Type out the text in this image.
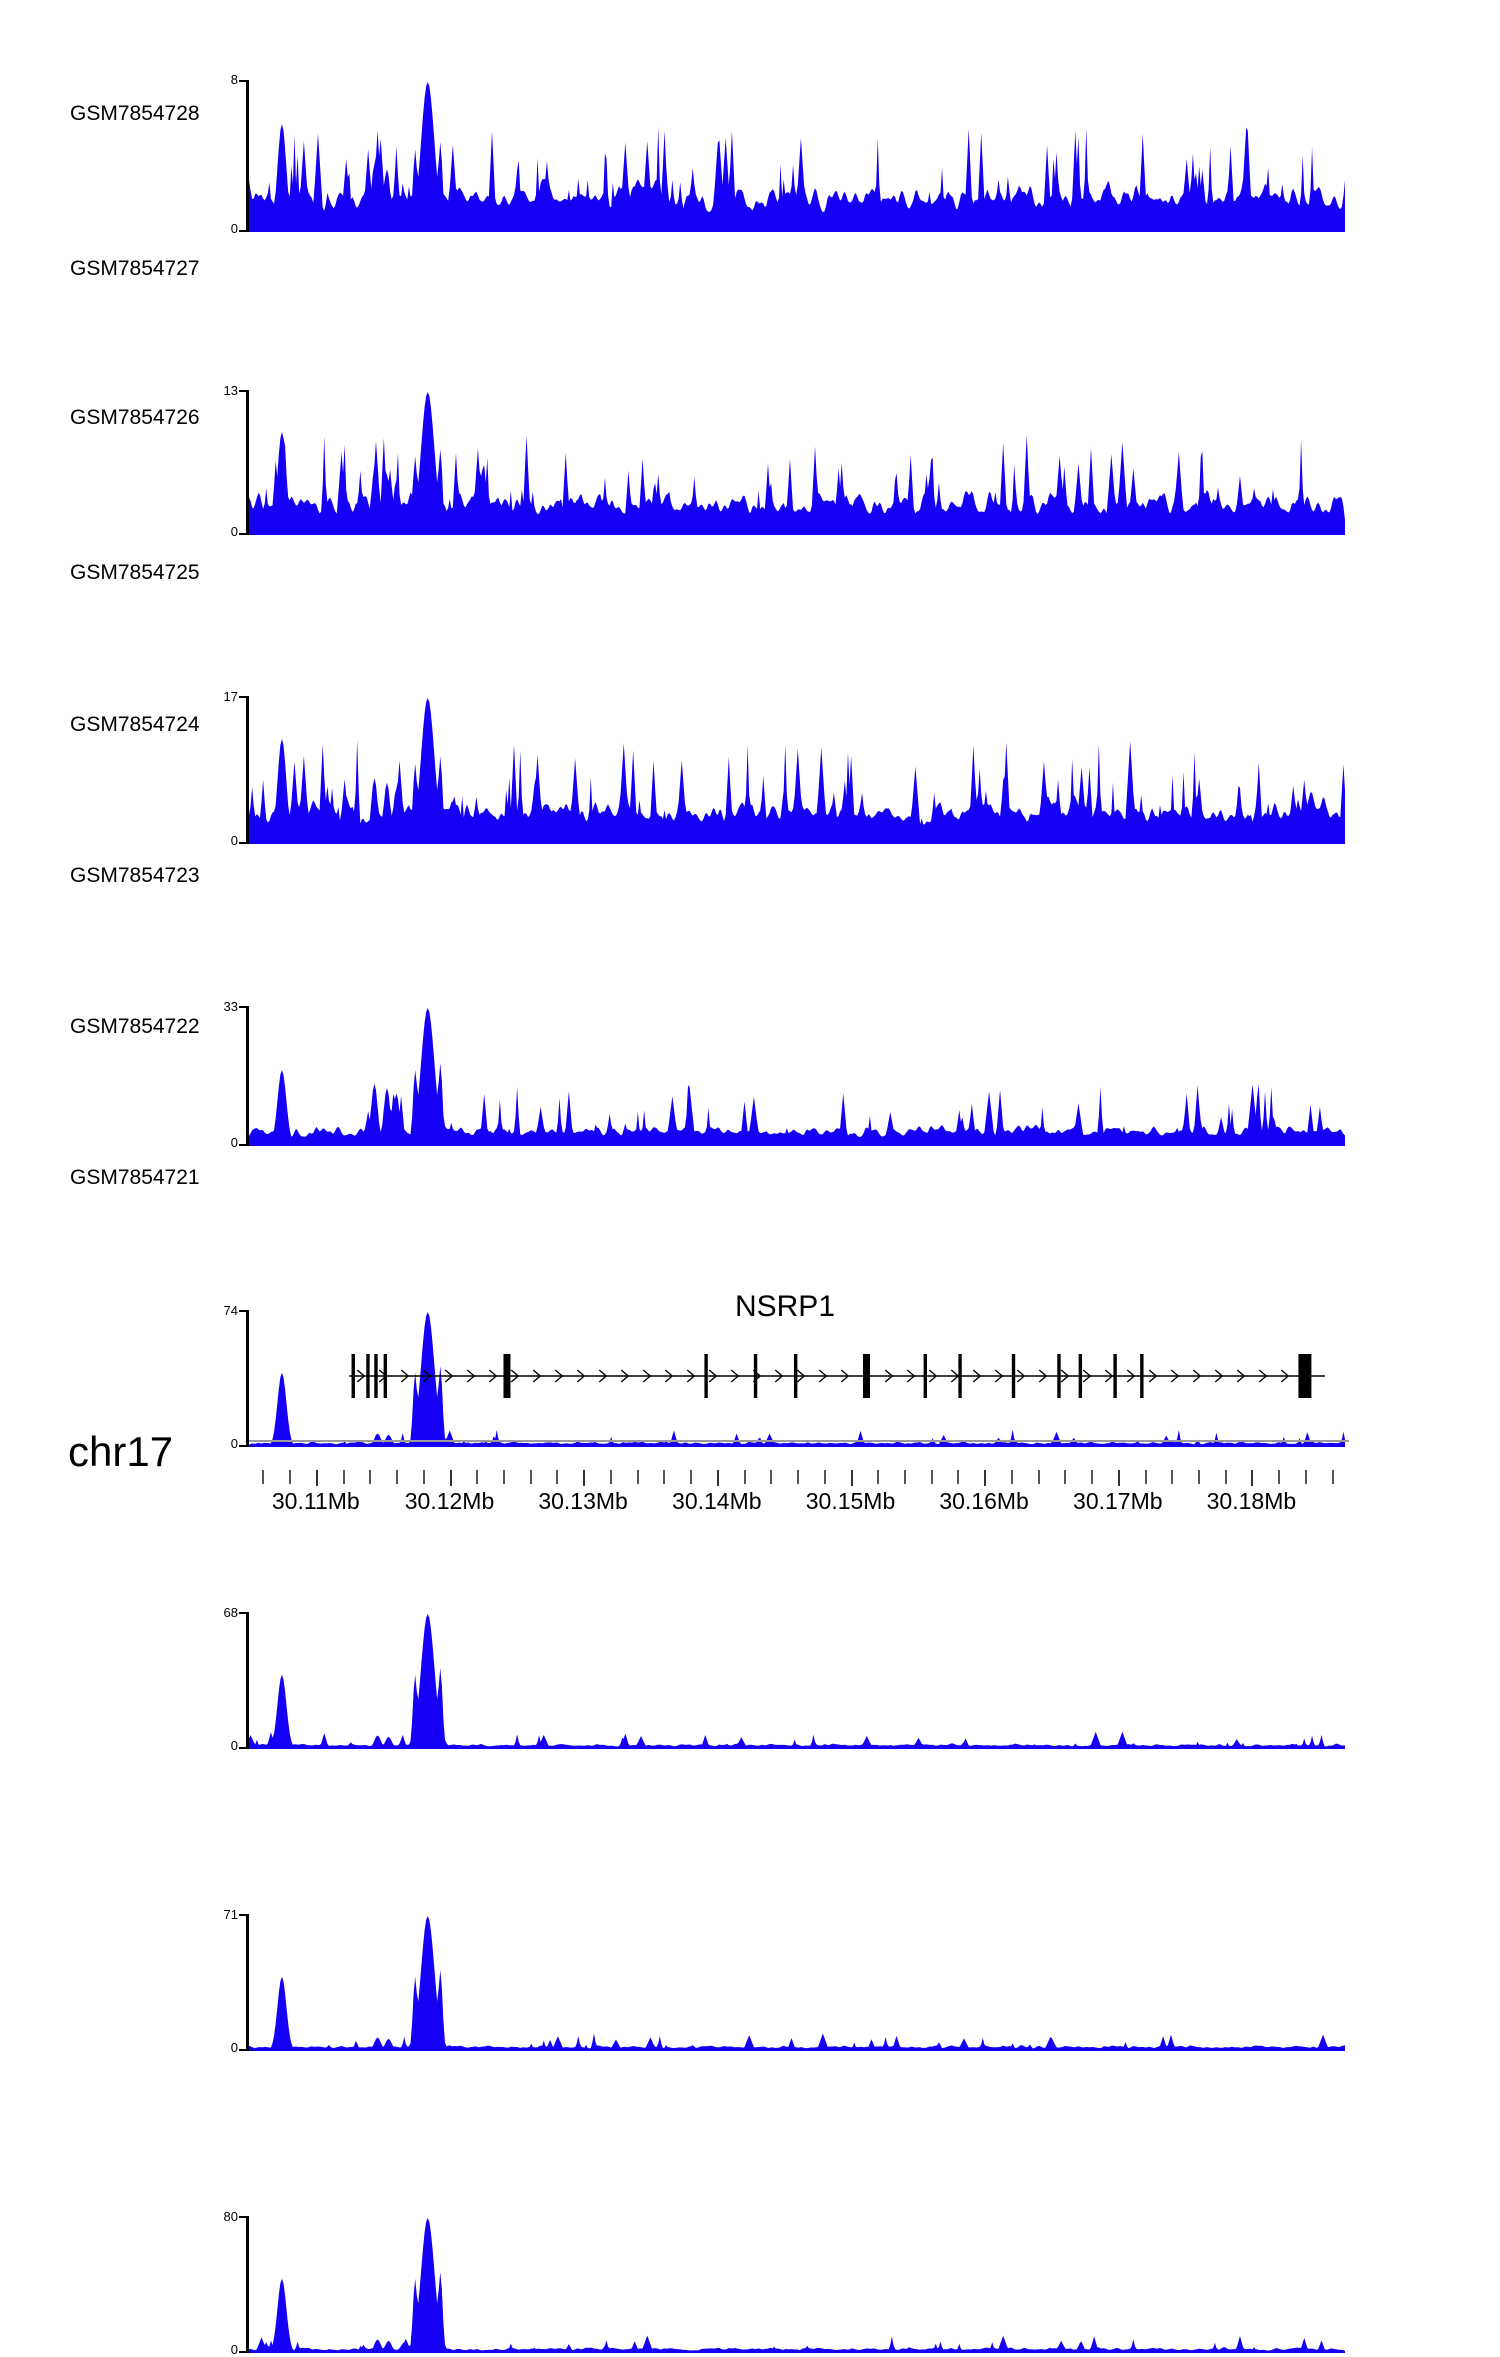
GSM7854728
8
0
GSM7854727
13
0
GSM7854726
17
0
GSM7854725
33
0
GSM7854724
74
0
GSM7854723
68
0
GSM7854722
71
0
GSM7854721
80
0
NSRP1
chr17
30.11Mb 30.12Mb 30.13Mb 30.14Mb 30.15Mb 30.16Mb 30.17Mb 30.18Mb
